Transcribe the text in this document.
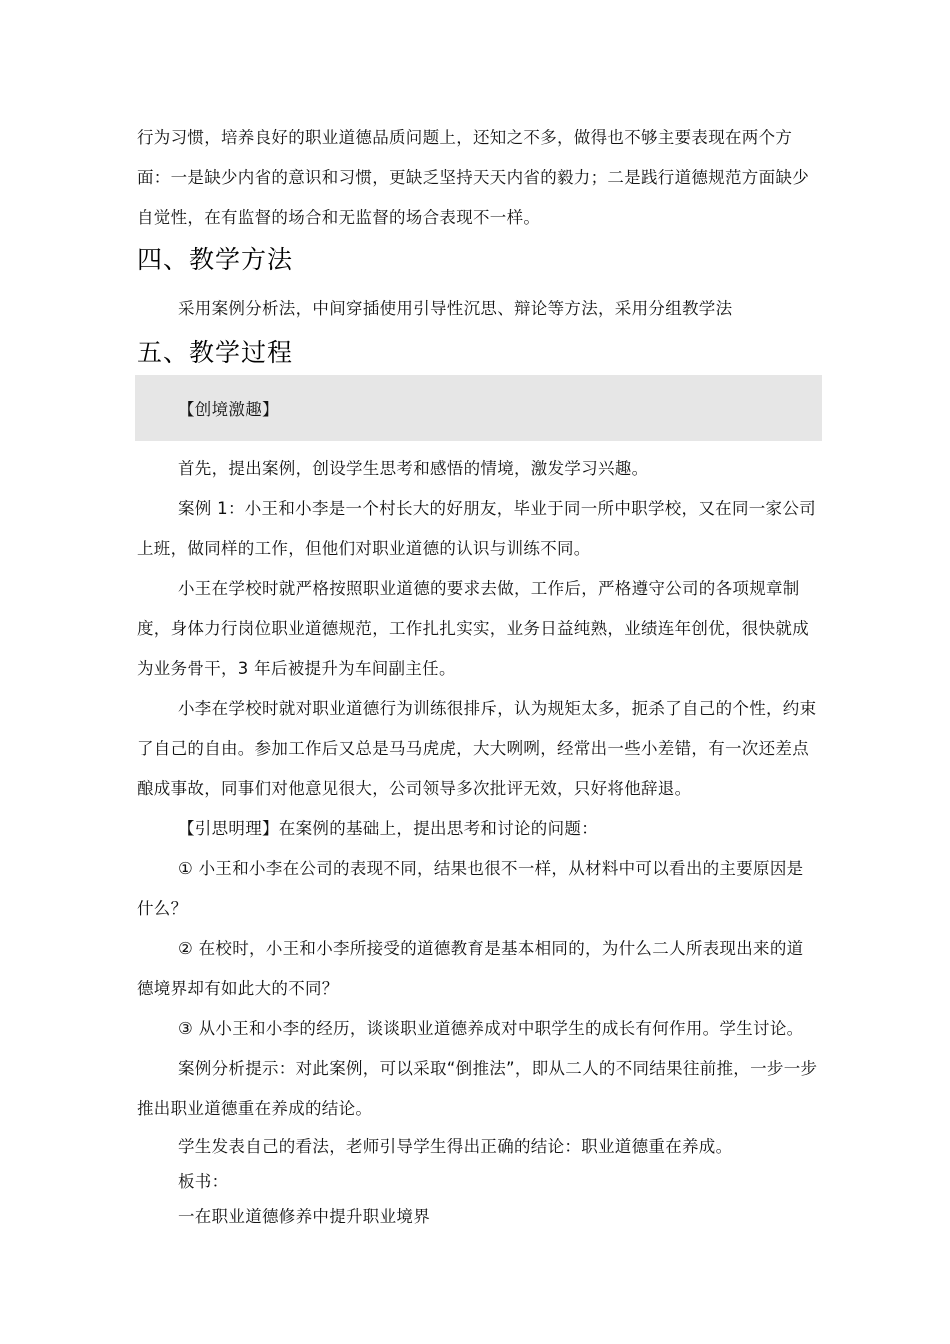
行为习惯，培养良好的职业道德品质问题上，还知之不多，做得也不够主要表现在两个方面：一是缺少内省的意识和习惯，更缺乏坚持天天内省的毅力；二是践行道德规范方面缺少自觉性，在有监督的场合和无监督的场合表现不一样。

四、教学方法

采用案例分析法，中间穿插使用引导性沉思、辩论等方法，采用分组教学法

五、教学过程
【创境激趣】

首先，提出案例，创设学生思考和感悟的情境，激发学习兴趣。

案例 1：小王和小李是一个村长大的好朋友，毕业于同一所中职学校，又在同一家公司上班，做同样的工作，但他们对职业道德的认识与训练不同。

小王在学校时就严格按照职业道德的要求去做，工作后，严格遵守公司的各项规章制度，身体力行岗位职业道德规范，工作扎扎实实，业务日益纯熟，业绩连年创优，很快就成为业务骨干，3 年后被提升为车间副主任。

小李在学校时就对职业道德行为训练很排斥，认为规矩太多，扼杀了自己的个性，约束了自己的自由。参加工作后又总是马马虎虎，大大咧咧，经常出一些小差错，有一次还差点酿成事故，同事们对他意见很大，公司领导多次批评无效，只好将他辞退。

【引思明理】在案例的基础上，提出思考和讨论的问题：

① 小王和小李在公司的表现不同，结果也很不一样，从材料中可以看出的主要原因是什么？

② 在校时，小王和小李所接受的道德教育是基本相同的，为什么二人所表现出来的道德境界却有如此大的不同？

③ 从小王和小李的经历，谈谈职业道德养成对中职学生的成长有何作用。学生讨论。

案例分析提示：对此案例，可以采取“倒推法”，即从二人的不同结果往前推，一步一步推出职业道德重在养成的结论。

学生发表自己的看法，老师引导学生得出正确的结论：职业道德重在养成。

板书：

一在职业道德修养中提升职业境界
